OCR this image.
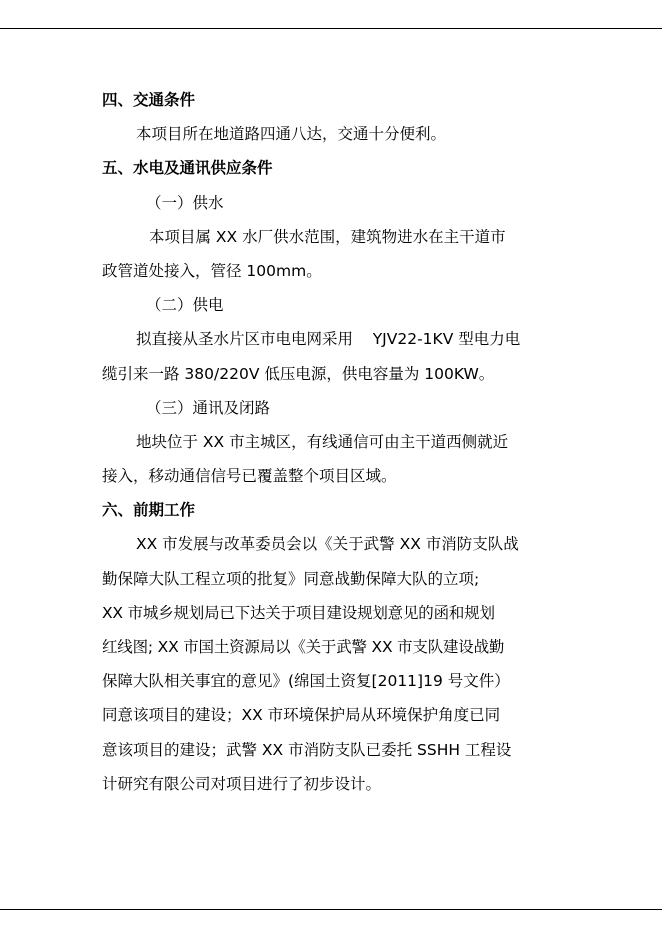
四、交通条件
本项目所在地道路四通八达，交通十分便利。
五、水电及通讯供应条件
（一）供水
本项目属 XX 水厂供水范围，建筑物进水在主干道市
政管道处接入，管径 100mm。
（二）供电
拟直接从圣水片区市电电网采用    YJV22-1KV 型电力电
缆引来一路 380/220V 低压电源，供电容量为 100KW。
（三）通讯及闭路
地块位于 XX 市主城区，有线通信可由主干道西侧就近
接入，移动通信信号已覆盖整个项目区域。
六、前期工作
XX 市发展与改革委员会以《关于武警 XX 市消防支队战
勤保障大队工程立项的批复》同意战勤保障大队的立项;
XX 市城乡规划局已下达关于项目建设规划意见的函和规划
红线图; XX 市国土资源局以《关于武警 XX 市支队建设战勤
保障大队相关事宜的意见》(绵国土资复[2011]19 号文件）
同意该项目的建设；XX 市环境保护局从环境保护角度已同
意该项目的建设；武警 XX 市消防支队已委托 SSHH 工程设
计研究有限公司对项目进行了初步设计。
